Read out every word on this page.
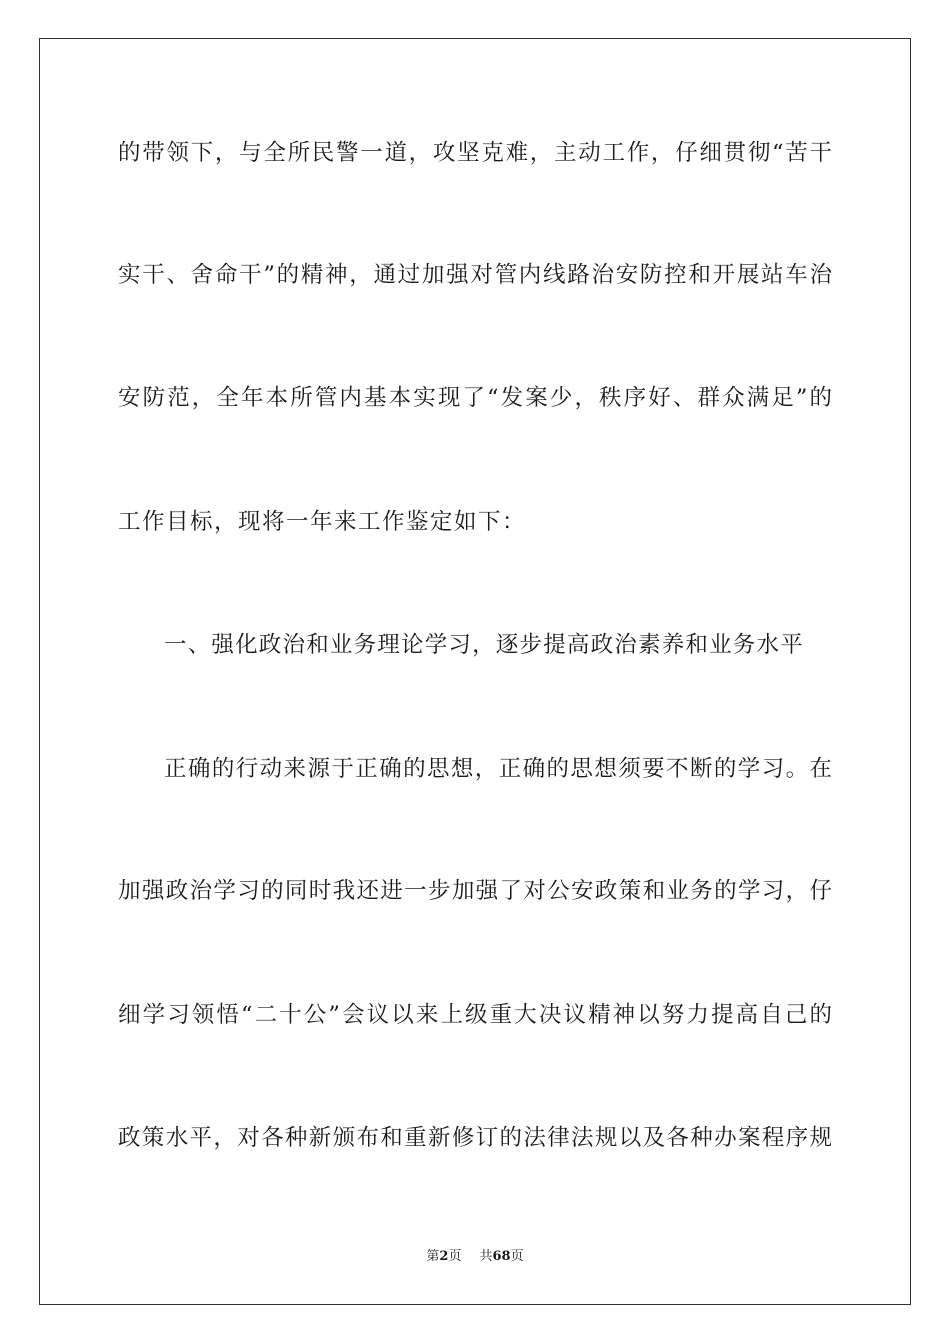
的带领下，与全所民警一道，攻坚克难，主动工作，仔细贯彻“苦干
实干、舍命干”的精神，通过加强对管内线路治安防控和开展站车治
安防范，全年本所管内基本实现了“发案少，秩序好、群众满足”的
工作目标，现将一年来工作鉴定如下：
一、强化政治和业务理论学习，逐步提高政治素养和业务水平
正确的行动来源于正确的思想，正确的思想须要不断的学习。在
加强政治学习的同时我还进一步加强了对公安政策和业务的学习，仔
细学习领悟“二十公”会议以来上级重大决议精神以努力提高自己的
政策水平，对各种新颁布和重新修订的法律法规以及各种办案程序规
第2页 共68页
